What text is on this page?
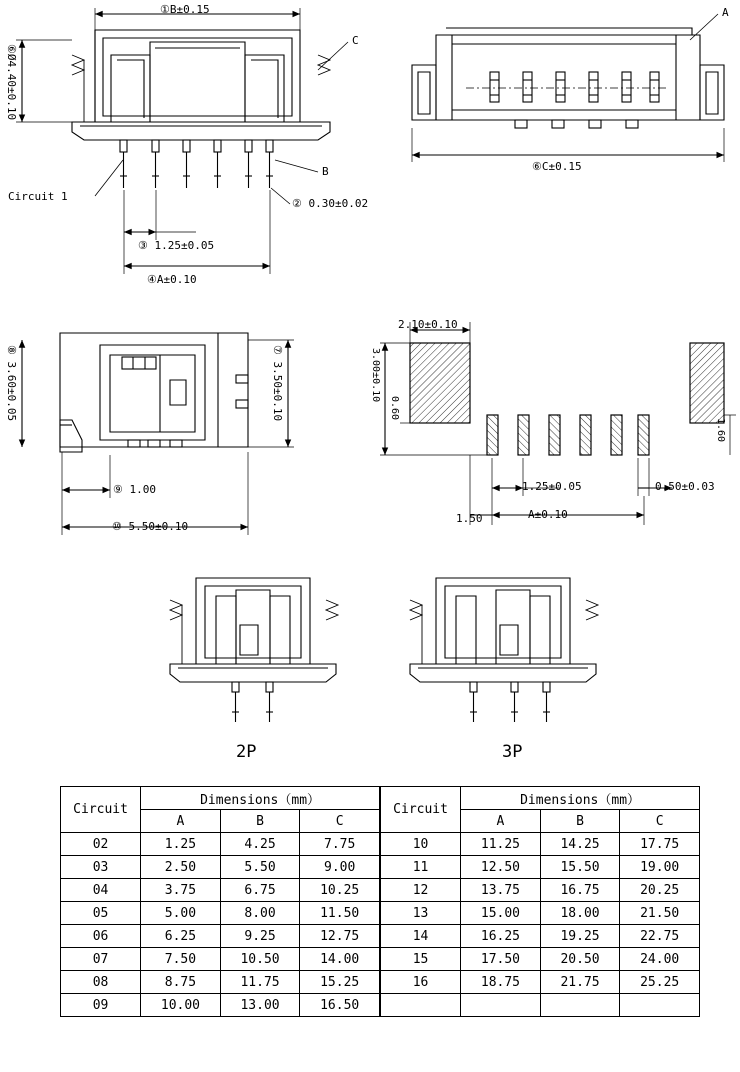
①B±0.15
⑥Ø4.40±0.10
C
B
Circuit 1
② 0.30±0.02
③ 1.25±0.05
④A±0.10
A
⑥C±0.15
⑧ 3.60±0.05	⑦ 3.50±0.10
⑨ 1.00
⑩ 5.50±0.10
2.10±0.10
3.00±0.10
0.60
1.60
1.25±0.05	0.50±0.03
1.50	A±0.10
2P	3P
Circuit	Dimensions（mm）		
	A	B	C
02	1.25	4.25	7.75
03	2.50	5.50	9.00
04	3.75	6.75	10.25
05	5.00	8.00	11.50
06	6.25	9.25	12.75
07	7.50	10.50	14.00
08	8.75	11.75	15.25
09	10.00	13.00	16.50
Circuit	Dimensions（mm）		
	A	B	C
10	11.25	14.25	17.75
11	12.50	15.50	19.00
12	13.75	16.75	20.25
13	15.00	18.00	21.50
14	16.25	19.25	22.75
15	17.50	20.50	24.00
16	18.75	21.75	25.25
